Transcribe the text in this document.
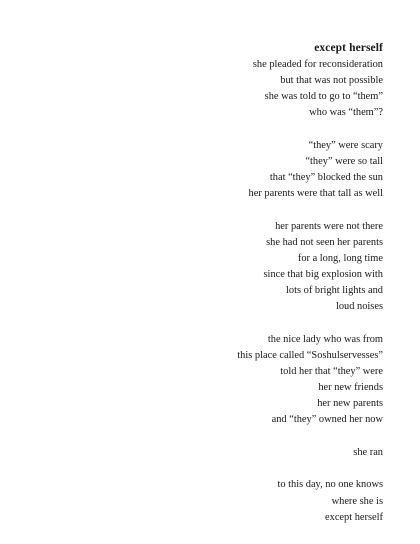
except herself
she pleaded for reconsideration
but that was not possible
she was told to go to “them”
who was “them”?
“they” were scary
“they” were so tall
that “they” blocked the sun
her parents were that tall as well
her parents were not there
she had not seen her parents
for a long, long time
since that big explosion with
lots of bright lights and
loud noises
the nice lady who was from
this place called “Soshulservesses”
told her that “they” were
her new friends
her new parents
and “they” owned her now
she ran
to this day, no one knows
where she is
except herself
